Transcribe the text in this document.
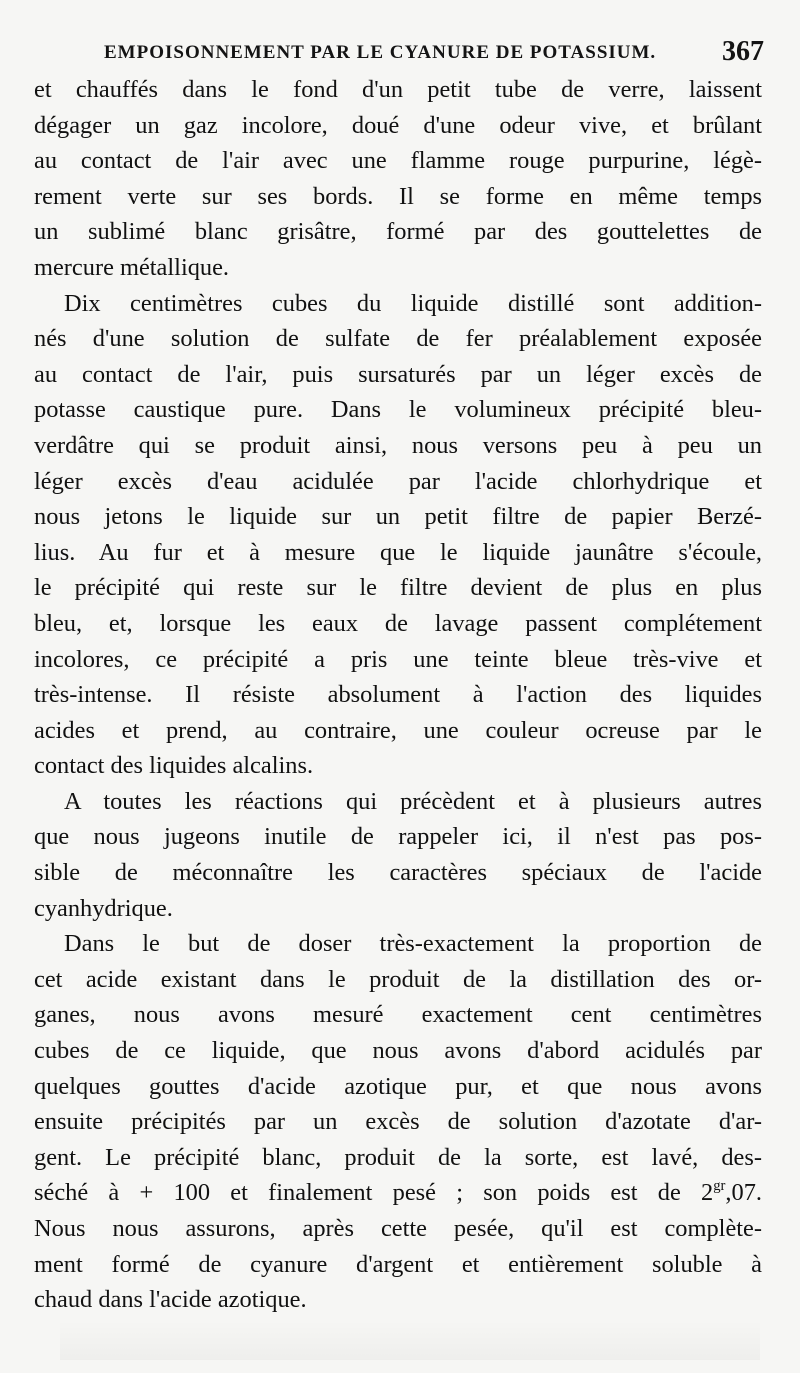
EMPOISONNEMENT PAR LE CYANURE DE POTASSIUM. 367
et chauffés dans le fond d'un petit tube de verre, laissent
dégager un gaz incolore, doué d'une odeur vive, et brûlant
au contact de l'air avec une flamme rouge purpurine, légè-
rement verte sur ses bords. Il se forme en même temps
un sublimé blanc grisâtre, formé par des gouttelettes de
mercure métallique.
Dix centimètres cubes du liquide distillé sont addition-
nés d'une solution de sulfate de fer préalablement exposée
au contact de l'air, puis sursaturés par un léger excès de
potasse caustique pure. Dans le volumineux précipité bleu-
verdâtre qui se produit ainsi, nous versons peu à peu un
léger excès d'eau acidulée par l'acide chlorhydrique et
nous jetons le liquide sur un petit filtre de papier Berzé-
lius. Au fur et à mesure que le liquide jaunâtre s'écoule,
le précipité qui reste sur le filtre devient de plus en plus
bleu, et, lorsque les eaux de lavage passent complétement
incolores, ce précipité a pris une teinte bleue très-vive et
très-intense. Il résiste absolument à l'action des liquides
acides et prend, au contraire, une couleur ocreuse par le
contact des liquides alcalins.
A toutes les réactions qui précèdent et à plusieurs autres
que nous jugeons inutile de rappeler ici, il n'est pas pos-
sible de méconnaître les caractères spéciaux de l'acide
cyanhydrique.
Dans le but de doser très-exactement la proportion de
cet acide existant dans le produit de la distillation des or-
ganes, nous avons mesuré exactement cent centimètres
cubes de ce liquide, que nous avons d'abord acidulés par
quelques gouttes d'acide azotique pur, et que nous avons
ensuite précipités par un excès de solution d'azotate d'ar-
gent. Le précipité blanc, produit de la sorte, est lavé, des-
séché à + 100 et finalement pesé ; son poids est de $2^{gr},07$.
Nous nous assurons, après cette pesée, qu'il est complète-
ment formé de cyanure d'argent et entièrement soluble à
chaud dans l'acide azotique.
